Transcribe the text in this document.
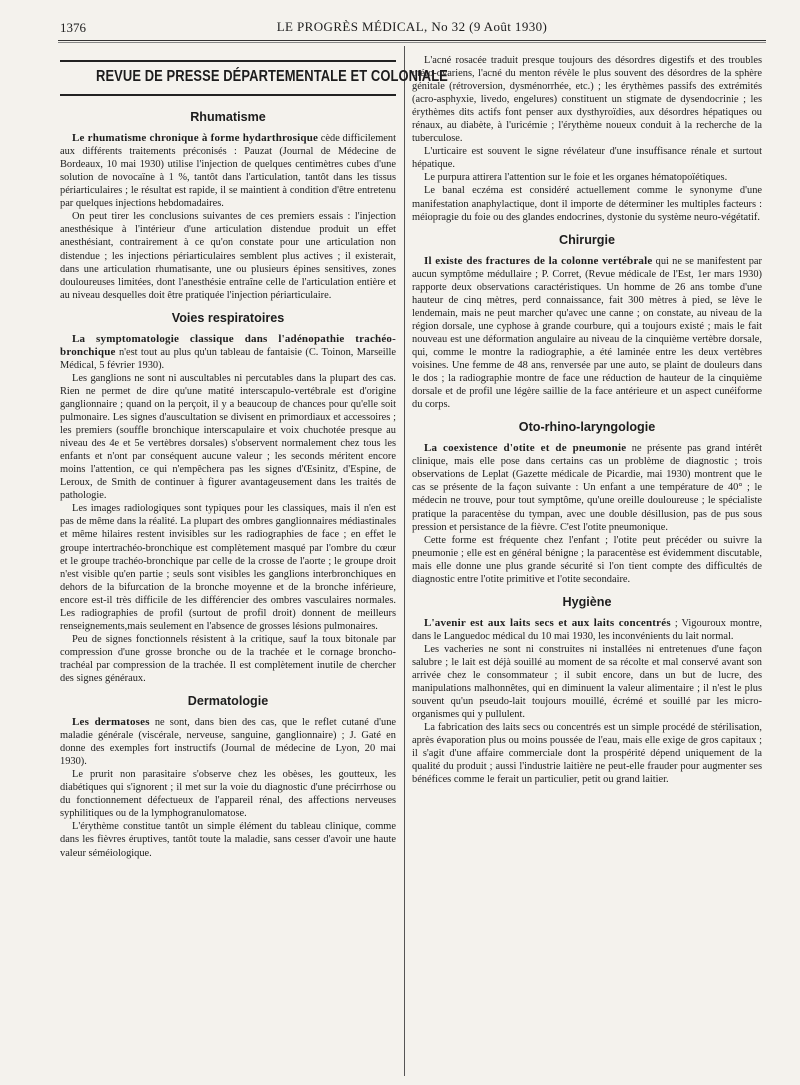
1376	LE PROGRÈS MÉDICAL, No 32 (9 Août 1930)
REVUE DE PRESSE DÉPARTEMENTALE ET COLONIALE
Rhumatisme

Le rhumatisme chronique à forme hydarthrosique cède difficilement aux différents traitements préconisés : Pauzat (Journal de Médecine de Bordeaux, 10 mai 1930) utilise l'injection de quelques centimètres cubes d'une solution de novocaïne à 1 %, tantôt dans l'articulation, tantôt dans les tissus périarticulaires ; le résultat est rapide, il se maintient à condition d'être entretenu par quelques injections hebdomadaires.

On peut tirer les conclusions suivantes de ces premiers essais : l'injection anesthésique à l'intérieur d'une articulation distendue produit un effet anesthésiant, contrairement à ce qu'on constate pour une articulation non distendue ; les injections périarticulaires semblent plus actives ; il existerait, dans une articulation rhumatisante, une ou plusieurs épines sensitives, zones douloureuses limitées, dont l'anesthésie entraîne celle de l'articulation entière et au niveau desquelles doit être pratiquée l'injection périarticulaire.

Voies respiratoires

La symptomatologie classique dans l'adénopathie trachéo-bronchique n'est tout au plus qu'un tableau de fantaisie (C. Toinon, Marseille Médical, 5 février 1930).

Les ganglions ne sont ni auscultables ni percutables dans la plupart des cas. Rien ne permet de dire qu'une matité interscapulo-vertébrale est d'origine ganglionnaire ; quand on la perçoit, il y a beaucoup de chances pour qu'elle soit pulmonaire. Les signes d'auscultation se divisent en primordiaux et accessoires ; les premiers (souffle bronchique interscapulaire et voix chuchotée presque au niveau des 4e et 5e vertèbres dorsales) s'observent normalement chez tous les enfants et n'ont par conséquent aucune valeur ; les seconds méritent encore moins l'attention, ce qui n'empêchera pas les signes d'Œsinitz, d'Espine, de Leroux, de Smith de continuer à figurer avantageusement dans les traités de pathologie.

Les images radiologiques sont typiques pour les classiques, mais il n'en est pas de même dans la réalité. La plupart des ombres ganglionnaires médiastinales et même hilaires restent invisibles sur les radiographies de face ; en effet le groupe intertrachéo-bronchique est complètement masqué par l'ombre du cœur et le groupe trachéo-bronchique par celle de la crosse de l'aorte ; le groupe droit n'est visible qu'en partie ; seuls sont visibles les ganglions interbronchiques en dehors de la bifurcation de la bronche moyenne et de la bronche inférieure, encore est-il très difficile de les différencier des ombres vasculaires normales. Les radiographies de profil (surtout de profil droit) donnent de meilleurs renseignements,mais seulement en l'absence de grosses lésions pulmonaires.

Peu de signes fonctionnels résistent à la critique, sauf la toux bitonale par compression d'une grosse bronche ou de la trachée et le cornage broncho-trachéal par compression de la trachée. Il est complètement inutile de chercher des signes généraux.

Dermatologie

Les dermatoses ne sont, dans bien des cas, que le reflet cutané d'une maladie générale (viscérale, nerveuse, sanguine, ganglionnaire) ; J. Gaté en donne des exemples fort instructifs (Journal de médecine de Lyon, 20 mai 1930).

Le prurit non parasitaire s'observe chez les obèses, les goutteux, les diabétiques qui s'ignorent ; il met sur la voie du diagnostic d'une précirrhose ou du fonctionnement défectueux de l'appareil rénal, des affections nerveuses syphilitiques ou de la lymphogranulomatose.

L'érythème constitue tantôt un simple élément du tableau clinique, comme dans les fièvres éruptives, tantôt toute la maladie, sans cesser d'avoir une haute valeur séméiologique.

L'acné rosacée traduit presque toujours des désordres digestifs et des troubles utéro-ovariens, l'acné du menton révèle le plus souvent des désordres de la sphère génitale (rétroversion, dysménorrhée, etc.) ; les érythèmes passifs des extrémités (acro-asphyxie, livedo, engelures) constituent un stigmate de dysendocrinie ; les érythèmes dits actifs font penser aux dysthyroïdies, aux désordres hépatiques ou rénaux, au diabète, à l'uricémie ; l'érythème noueux conduit à la recherche de la tuberculose.

L'urticaire est souvent le signe révélateur d'une insuffisance rénale et surtout hépatique.

Le purpura attirera l'attention sur le foie et les organes hématopoïétiques.

Le banal eczéma est considéré actuellement comme le synonyme d'une manifestation anaphylactique, dont il importe de déterminer les multiples facteurs : méiopragie du foie ou des glandes endocrines, dystonie du système neuro-végétatif.

Chirurgie

Il existe des fractures de la colonne vertébrale qui ne se manifestent par aucun symptôme médullaire ; P. Corret, (Revue médicale de l'Est, 1er mars 1930) rapporte deux observations caractéristiques. Un homme de 26 ans tombe d'une hauteur de cinq mètres, perd connaissance, fait 300 mètres à pied, se lève le lendemain, mais ne peut marcher qu'avec une canne ; on constate, au niveau de la région dorsale, une cyphose à grande courbure, qui a toujours existé ; mais le fait nouveau est une déformation angulaire au niveau de la cinquième vertèbre dorsale, qui, comme le montre la radiographie, a été laminée entre les deux vertèbres voisines. Une femme de 48 ans, renversée par une auto, se plaint de douleurs dans le dos ; la radiographie montre de face une réduction de hauteur de la cinquième dorsale et de profil une légère saillie de la face antérieure et un aspect cunéiforme du corps.

Oto-rhino-laryngologie

La coexistence d'otite et de pneumonie ne présente pas grand intérêt clinique, mais elle pose dans certains cas un problème de diagnostic ; trois observations de Leplat (Gazette médicale de Picardie, mai 1930) montrent que le cas se présente de la façon suivante : Un enfant a une température de 40° ; le médecin ne trouve, pour tout symptôme, qu'une oreille douloureuse ; le spécialiste pratique la paracentèse du tympan, avec une double désillusion, pas de pus sous pression et persistance de la fièvre. C'est l'otite pneumonique.

Cette forme est fréquente chez l'enfant ; l'otite peut précéder ou suivre la pneumonie ; elle est en général bénigne ; la paracentèse est évidemment discutable, mais elle donne une plus grande sécurité si l'on tient compte des difficultés de diagnostic entre l'otite primitive et l'otite secondaire.

Hygiène

L'avenir est aux laits secs et aux laits concentrés ; Vigouroux montre, dans le Languedoc médical du 10 mai 1930, les inconvénients du lait normal.

Les vacheries ne sont ni construites ni installées ni entretenues d'une façon salubre ; le lait est déjà souillé au moment de sa récolte et mal conservé avant son arrivée chez le consommateur ; il subit encore, dans un but de lucre, des manipulations malhonnêtes, qui en diminuent la valeur alimentaire ; il n'est le plus souvent qu'un pseudo-lait toujours mouillé, écrémé et souillé par les micro-organismes qui y pullulent.

La fabrication des laits secs ou concentrés est un simple procédé de stérilisation, après évaporation plus ou moins poussée de l'eau, mais elle exige de gros capitaux ; il s'agit d'une affaire commerciale dont la prospérité dépend uniquement de la qualité du produit ; aussi l'industrie laitière ne peut-elle frauder pour augmenter ses bénéfices comme le ferait un particulier, petit ou grand laitier.
